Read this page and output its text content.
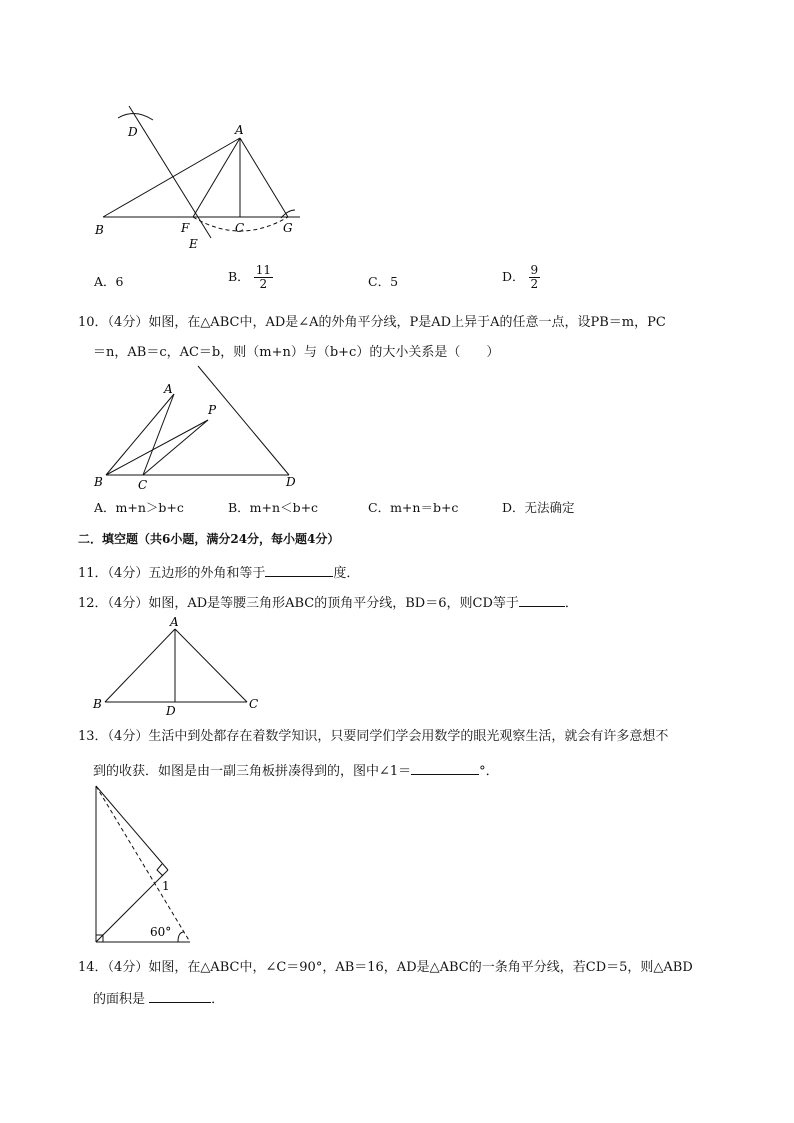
D	A
B	F	C	G
E
A．6	B． $\frac{11}{2}$	C．5	D． $\frac{9}{2}$
10．（4分）如图，在△ABC中，AD是∠A的外角平分线，P是AD上异于A的任意一点，设PB＝m，PC
＝n，AB＝c，AC＝b，则（m+n）与（b+c）的大小关系是（　　）
A
P
B	C	D
A．m+n＞b+c	B．m+n＜b+c	C．m+n＝b+c	D．无法确定
二．填空题（共6小题，满分24分，每小题4分）
11．（4分）五边形的外角和等于	度．
12．（4分）如图，AD是等腰三角形ABC的顶角平分线，BD＝6，则CD等于	．
A
B	D	C
13．（4分）生活中到处都存在着数学知识，只要同学们学会用数学的眼光观察生活，就会有许多意想不
到的收获．如图是由一副三角板拼凑得到的，图中∠1＝	°．
1
60°
14．（4分）如图，在△ABC中，∠C＝90°，AB＝16，AD是△ABC的一条角平分线，若CD＝5，则△ABD
的面积是	．
